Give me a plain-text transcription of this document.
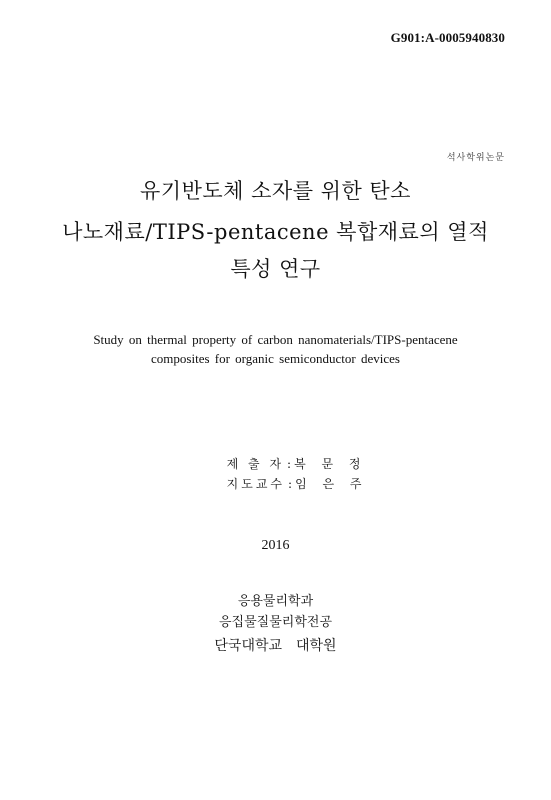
G901:A-0005940830
석사학위논문
유기반도체 소자를 위한 탄소
나노재료/TIPS-pentacene 복합재료의 열적
특성 연구
Study on thermal property of carbon nanomaterials/TIPS-pentacene
composites for organic semiconductor devices

제 출 자 : 복 문 정

지도교수 : 임 은 주

2016
응용물리학과
응집물질물리학전공
단국대학교　대학원
